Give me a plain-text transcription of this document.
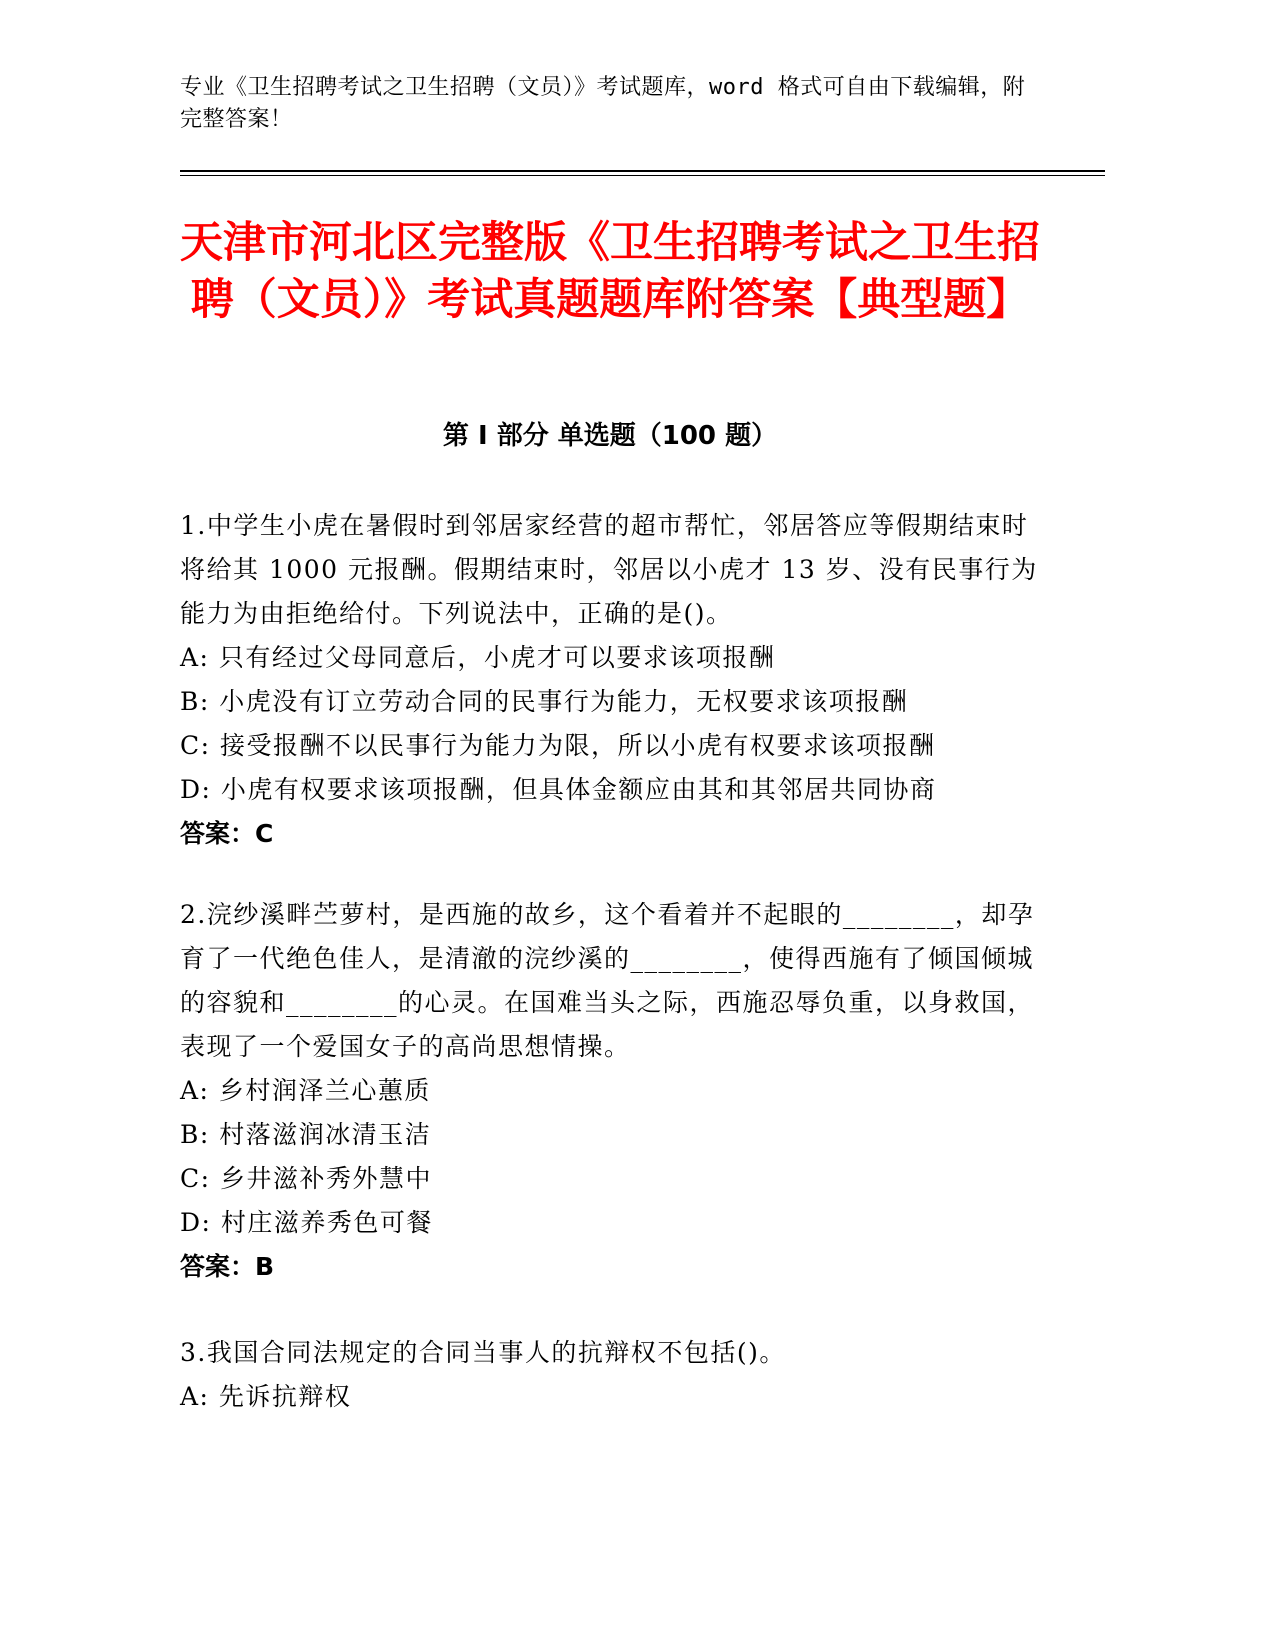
专业《卫生招聘考试之卫生招聘（文员）》考试题库，word 格式可自由下载编辑，附完整答案！
天津市河北区完整版《卫生招聘考试之卫生招聘（文员）》考试真题题库附答案【典型题】
第 I 部分 单选题（100 题）

1.中学生小虎在暑假时到邻居家经营的超市帮忙，邻居答应等假期结束时将给其 1000 元报酬。假期结束时，邻居以小虎才 13 岁、没有民事行为能力为由拒绝给付。下列说法中，正确的是()。

A: 只有经过父母同意后，小虎才可以要求该项报酬

B: 小虎没有订立劳动合同的民事行为能力，无权要求该项报酬

C: 接受报酬不以民事行为能力为限，所以小虎有权要求该项报酬

D: 小虎有权要求该项报酬，但具体金额应由其和其邻居共同协商

答案：C

2.浣纱溪畔苎萝村，是西施的故乡，这个看着并不起眼的________，却孕育了一代绝色佳人，是清澈的浣纱溪的________，使得西施有了倾国倾城的容貌和________的心灵。在国难当头之际，西施忍辱负重，以身救国，表现了一个爱国女子的高尚思想情操。

A: 乡村润泽兰心蕙质

B: 村落滋润冰清玉洁

C: 乡井滋补秀外慧中

D: 村庄滋养秀色可餐

答案：B

3.我国合同法规定的合同当事人的抗辩权不包括()。

A: 先诉抗辩权
